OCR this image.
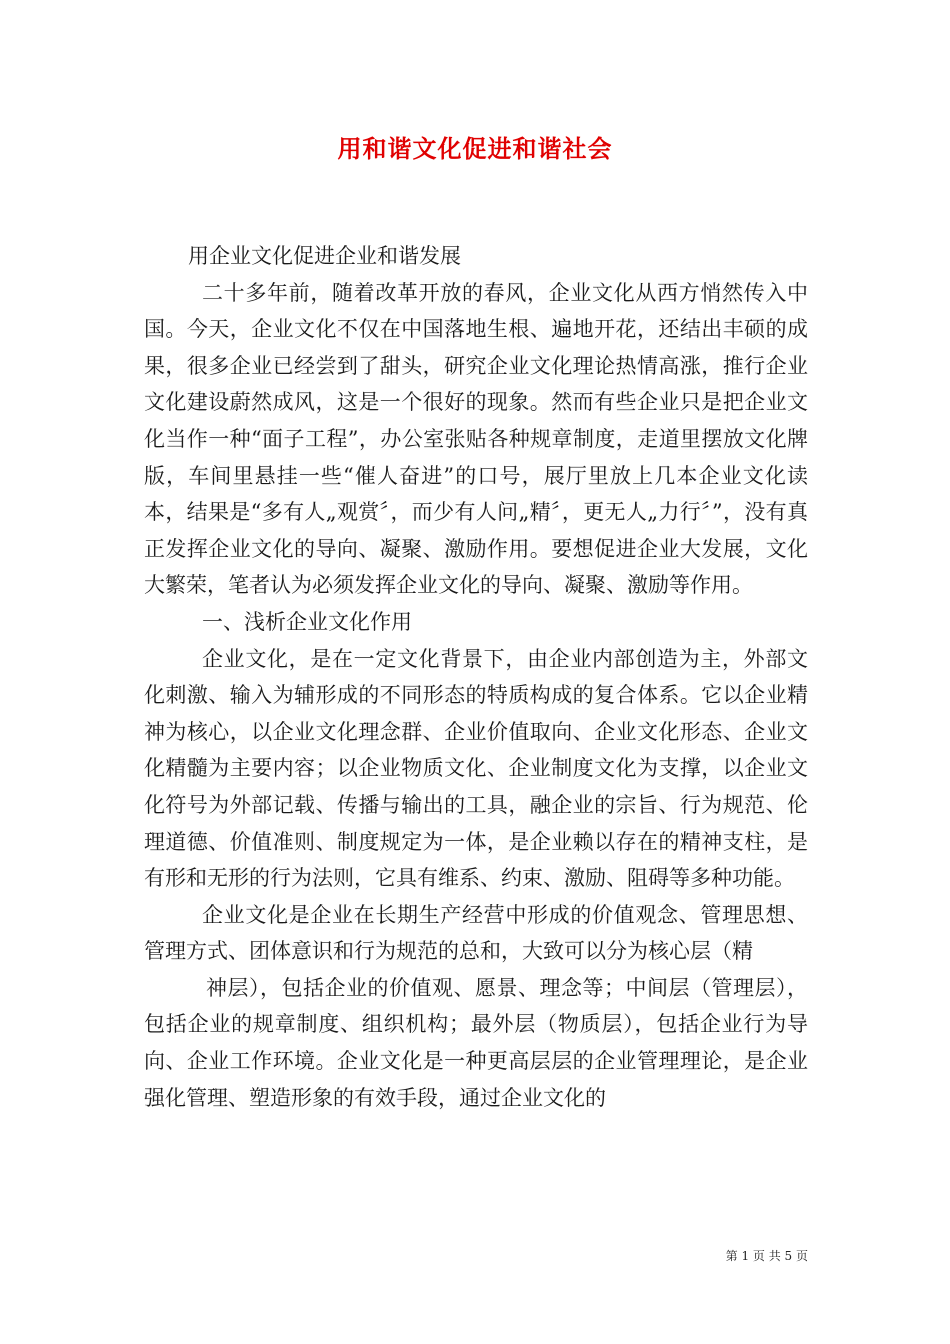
用和谐文化促进和谐社会

用企业文化促进企业和谐发展

二十多年前，随着改革开放的春风，企业文化从西方悄然传入中国。今天，企业文化不仅在中国落地生根、遍地开花，还结出丰硕的成果，很多企业已经尝到了甜头，研究企业文化理论热情高涨，推行企业文化建设蔚然成风，这是一个很好的现象。然而有些企业只是把企业文化当作一种“面子工程”，办公室张贴各种规章制度，走道里摆放文化牌版，车间里悬挂一些“催人奋进”的口号，展厅里放上几本企业文化读本，结果是“多有人„观赏〞，而少有人问„精〞，更无人„力行〞”，没有真正发挥企业文化的导向、凝聚、激励作用。要想促进企业大发展，文化大繁荣，笔者认为必须发挥企业文化的导向、凝聚、激励等作用。

一、浅析企业文化作用

企业文化，是在一定文化背景下，由企业内部创造为主，外部文化刺激、输入为辅形成的不同形态的特质构成的复合体系。它以企业精神为核心，以企业文化理念群、企业价值取向、企业文化形态、企业文化精髓为主要内容；以企业物质文化、企业制度文化为支撑，以企业文化符号为外部记载、传播与输出的工具，融企业的宗旨、行为规范、伦理道德、价值准则、制度规定为一体，是企业赖以存在的精神支柱，是有形和无形的行为法则，它具有维系、约束、激励、阻碍等多种功能。

企业文化是企业在长期生产经营中形成的价值观念、管理思想、管理方式、团体意识和行为规范的总和，大致可以分为核心层（精

神层），包括企业的价值观、愿景、理念等；中间层（管理层），包括企业的规章制度、组织机构；最外层（物质层），包括企业行为导向、企业工作环境。企业文化是一种更高层层的企业管理理论，是企业强化管理、塑造形象的有效手段，通过企业文化的

第 1 页 共 5 页
